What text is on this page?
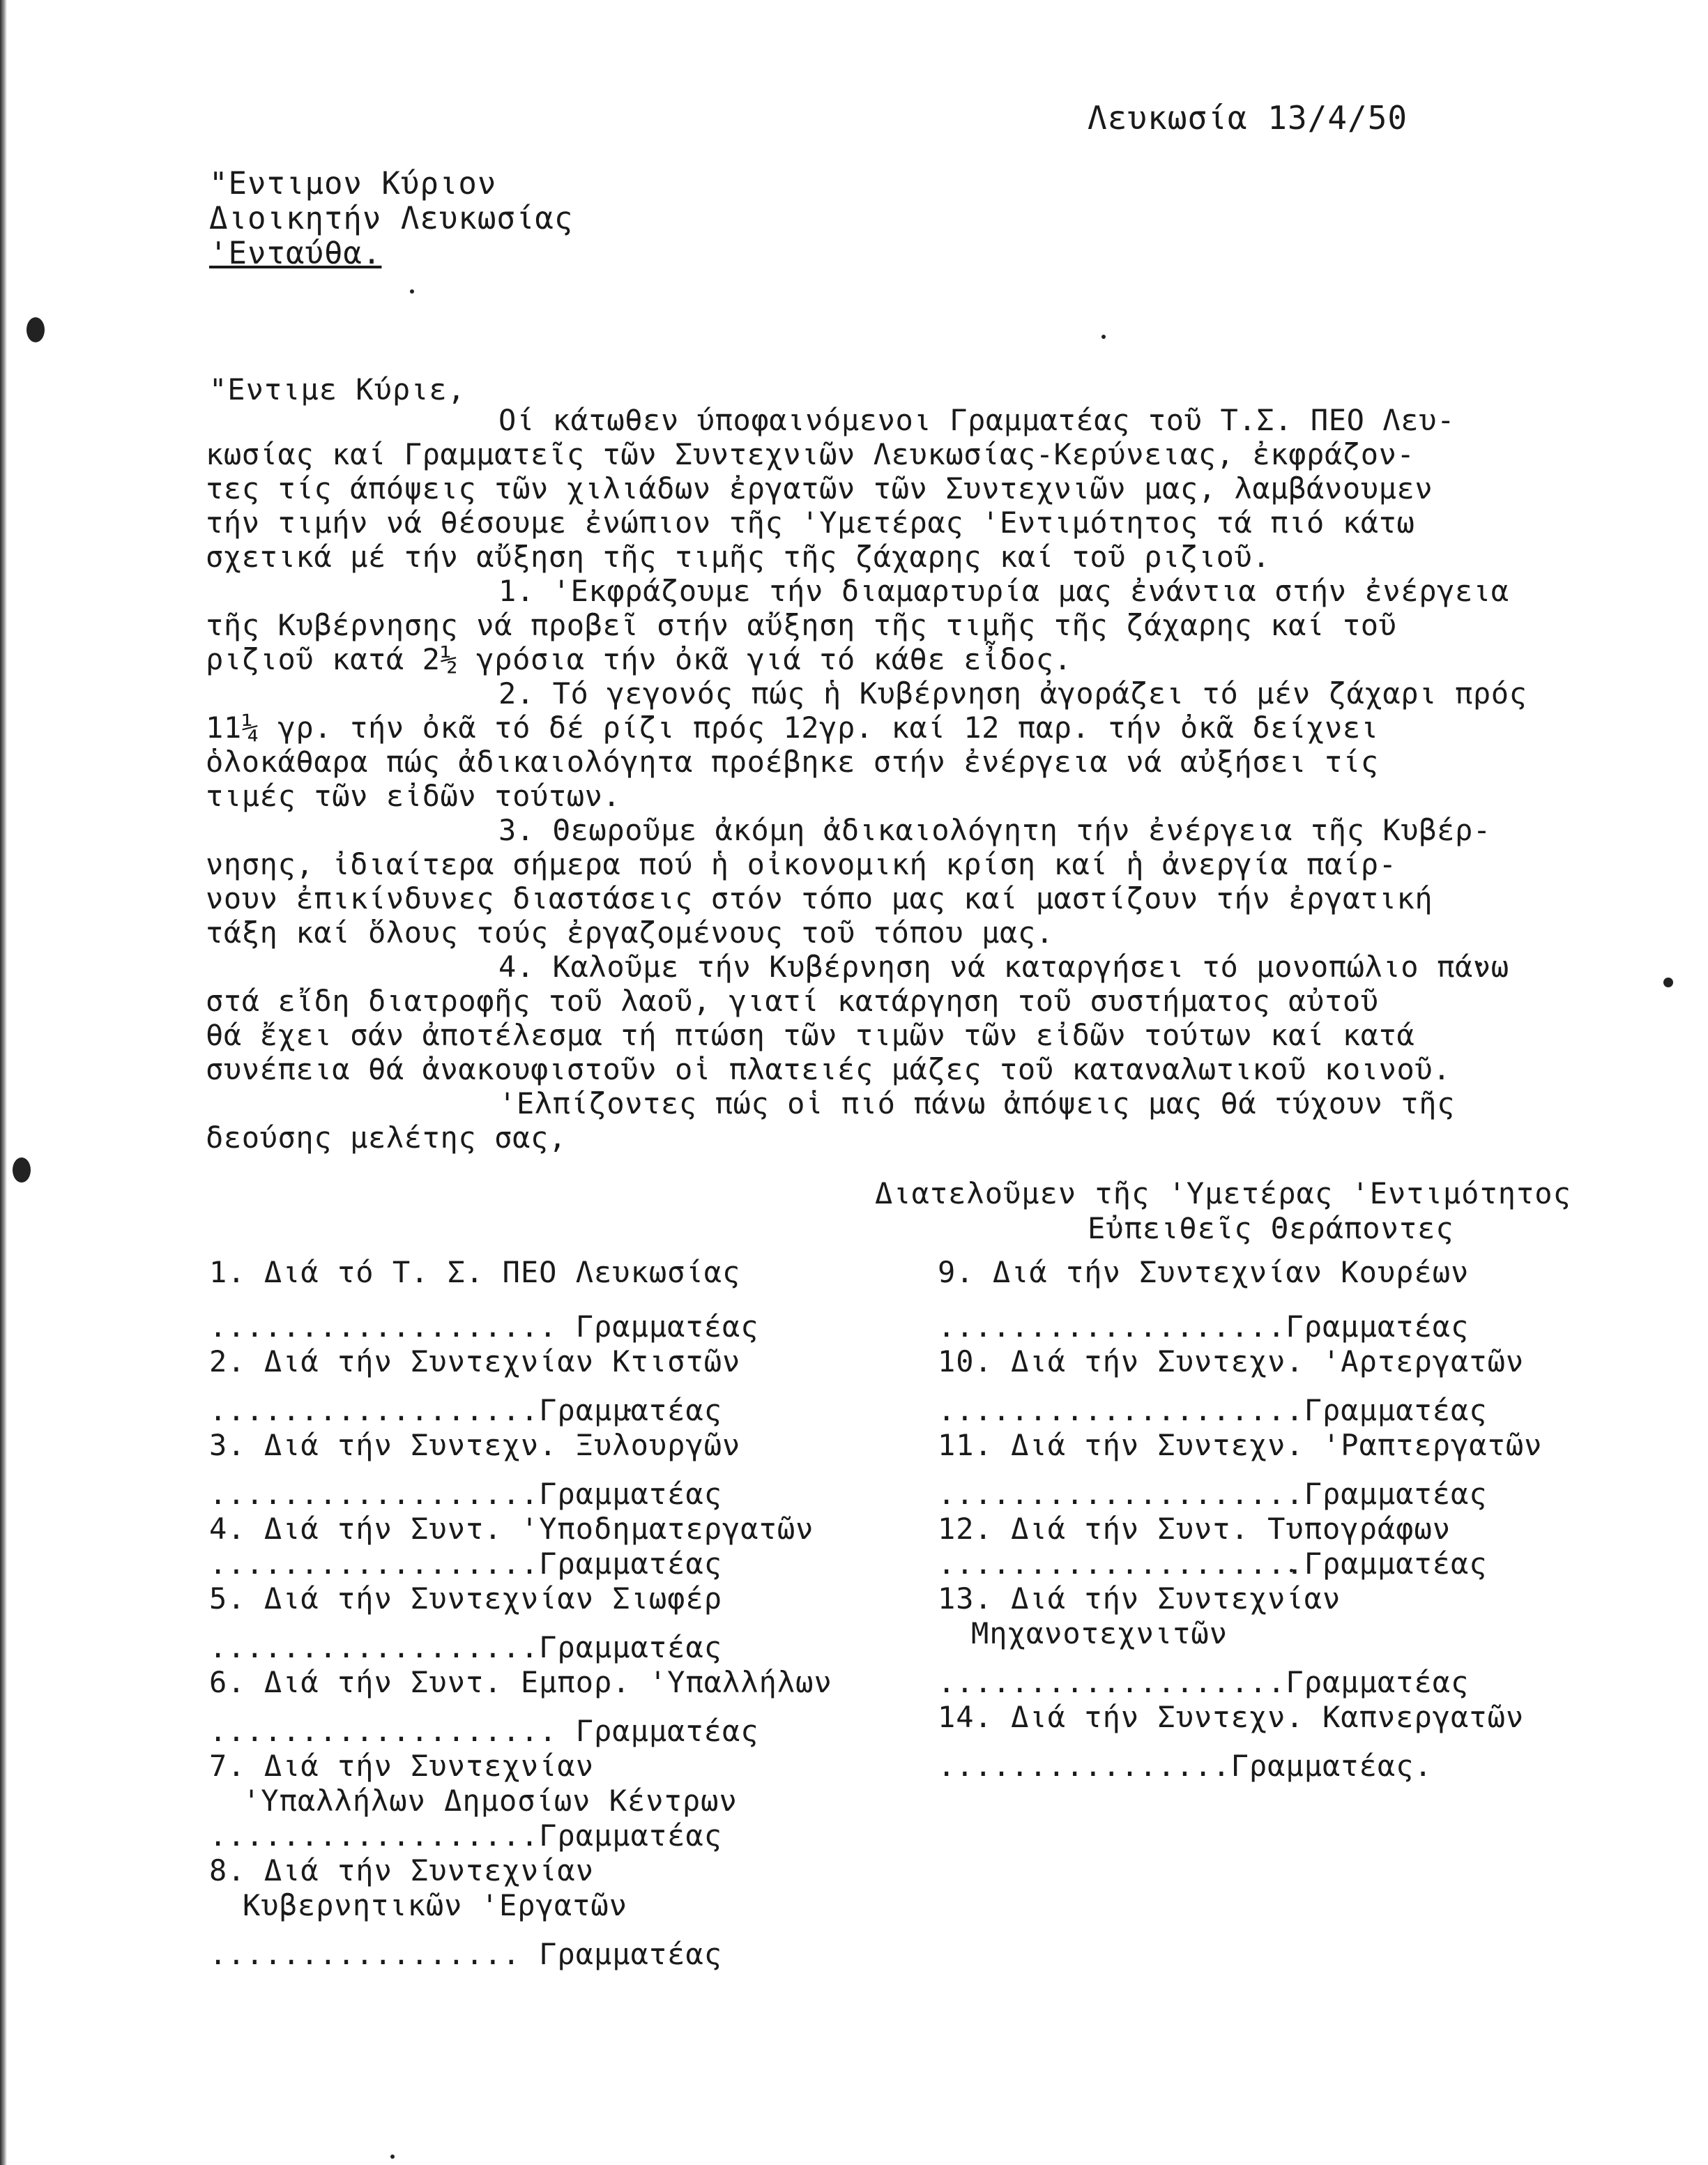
Λευκωσία 13/4/50
"Εντιμον Κύριον
Διοικητήν Λευκωσίας
'Ενταύθα.
"Εντιμε Κύριε,
Οί κάτωθεν ύποφαινόμενοι Γραμματέας τοῦ Τ.Σ. ΠΕΟ Λευ-
κωσίας καί Γραμματεῖς τῶν Συντεχνιῶν Λευκωσίας-Κερύνειας, ἐκφράζον-
τες τίς άπόψεις τῶν χιλιάδων ἐργατῶν τῶν Συντεχνιῶν μας, λαμβάνουμεν
τήν τιμήν νά θέσουμε ἐνώπιον τῆς 'Υμετέρας 'Εντιμότητος τά πιό κάτω
σχετικά μέ τήν αὔξηση τῆς τιμῆς τῆς ζάχαρης καί τοῦ ριζιοῦ.
1. 'Εκφράζουμε τήν διαμαρτυρία μας ἐνάντια στήν ἐνέργεια
τῆς Κυβέρνησης νά προβεῖ στήν αὔξηση τῆς τιμῆς τῆς ζάχαρης καί τοῦ
ριζιοῦ κατά 2½ γρόσια τήν ὀκᾶ γιά τό κάθε εἶδος.
2. Τό γεγονός πώς ἡ Κυβέρνηση ἀγοράζει τό μέν ζάχαρι πρός
11¼ γρ. τήν ὀκᾶ τό δέ ρίζι πρός 12γρ. καί 12 παρ. τήν ὀκᾶ δείχνει
ὁλοκάθαρα πώς ἀδικαιολόγητα προέβηκε στήν ἐνέργεια νά αὐξήσει τίς
τιμές τῶν εἰδῶν τούτων.
3. Θεωροῦμε ἀκόμη ἀδικαιολόγητη τήν ἐνέργεια τῆς Κυβέρ-
νησης, ἰδιαίτερα σήμερα πού ἡ οἰκονομική κρίση καί ἡ ἀνεργία παίρ-
νουν ἐπικίνδυνες διαστάσεις στόν τόπο μας καί μαστίζουν τήν ἐργατική
τάξη καί ὅλους τούς ἐργαζομένους τοῦ τόπου μας.
4. Καλοῦμε τήν Κυβέρνηση νά καταργήσει τό μονοπώλιο πάνω
στά εἴδη διατροφῆς τοῦ λαοῦ, γιατί κατάργηση τοῦ συστήματος αὐτοῦ
θά ἔχει σάν ἀποτέλεσμα τή πτώση τῶν τιμῶν τῶν εἰδῶν τούτων καί κατά
συνέπεια θά ἀνακουφιστοῦν οἱ πλατειές μάζες τοῦ καταναλωτικοῦ κοινοῦ.
'Ελπίζοντες πώς οἱ πιό πάνω ἀπόψεις μας θά τύχουν τῆς
δεούσης μελέτης σας,
Διατελοῦμεν τῆς 'Υμετέρας 'Εντιμότητος
Εὐπειθεῖς Θεράποντες
1. Διά τό Τ. Σ. ΠΕΟ Λευκωσίας
................... Γραμματέας
2. Διά τήν Συντεχνίαν Κτιστῶν
..................Γραμματέας
3. Διά τήν Συντεχν. Ξυλουργῶν
..................Γραμματέας
4. Διά τήν Συντ. 'Υποδηματεργατῶν
..................Γραμματέας
5. Διά τήν Συντεχνίαν Σιωφέρ
..................Γραμματέας
6. Διά τήν Συντ. Εμπορ. 'Υπαλλήλων
................... Γραμματέας
7. Διά τήν Συντεχνίαν
'Υπαλλήλων Δημοσίων Κέντρων
..................Γραμματέας
8. Διά τήν Συντεχνίαν
Κυβερνητικῶν 'Εργατῶν
................. Γραμματέας
9. Διά τήν Συντεχνίαν Κουρέων
...................Γραμματέας
10. Διά τήν Συντεχν. 'Αρτεργατῶν
....................Γραμματέας
11. Διά τήν Συντεχν. 'Ραπτεργατῶν
....................Γραμματέας
12. Διά τήν Συντ. Τυπογράφων
....................Γραμματέας
13. Διά τήν Συντεχνίαν
Μηχανοτεχνιτῶν
...................Γραμματέας
14. Διά τήν Συντεχν. Καπνεργατῶν
................Γραμματέας.
